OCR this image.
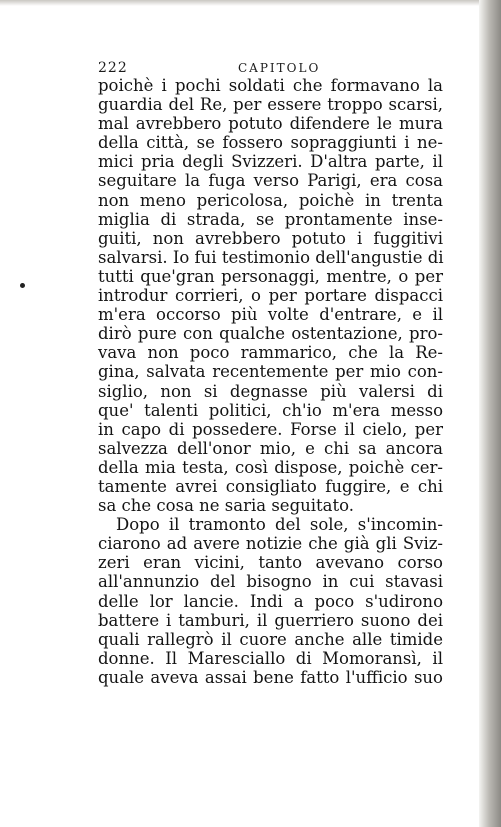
222	CAPITOLO
poichè i pochi soldati che formavano la
guardia del Re, per essere troppo scarsi,
mal avrebbero potuto difendere le mura
della città, se fossero sopraggiunti i ne-
mici pria degli Svizzeri. D'altra parte, il
seguitare la fuga verso Parigi, era cosa
non meno pericolosa, poichè in trenta
miglia di strada, se prontamente inse-
guiti, non avrebbero potuto i fuggitivi
salvarsi. Io fui testimonio dell'angustie di
tutti que'gran personaggi, mentre, o per
introdur corrieri, o per portare dispacci
m'era occorso più volte d'entrare, e il
dirò pure con qualche ostentazione, pro-
vava non poco rammarico, che la Re-
gina, salvata recentemente per mio con-
siglio, non si degnasse più valersi di
que' talenti politici, ch'io m'era messo
in capo di possedere. Forse il cielo, per
salvezza dell'onor mio, e chi sa ancora
della mia testa, così dispose, poichè cer-
tamente avrei consigliato fuggire, e chi
sa che cosa ne saria seguitato.
Dopo il tramonto del sole, s'incomin-
ciarono ad avere notizie che già gli Sviz-
zeri eran vicini, tanto avevano corso
all'annunzio del bisogno in cui stavasi
delle lor lancie. Indi a poco s'udirono
battere i tamburi, il guerriero suono dei
quali rallegrò il cuore anche alle timide
donne. Il Maresciallo di Momoransì, il
quale aveva assai bene fatto l'ufficio suo
